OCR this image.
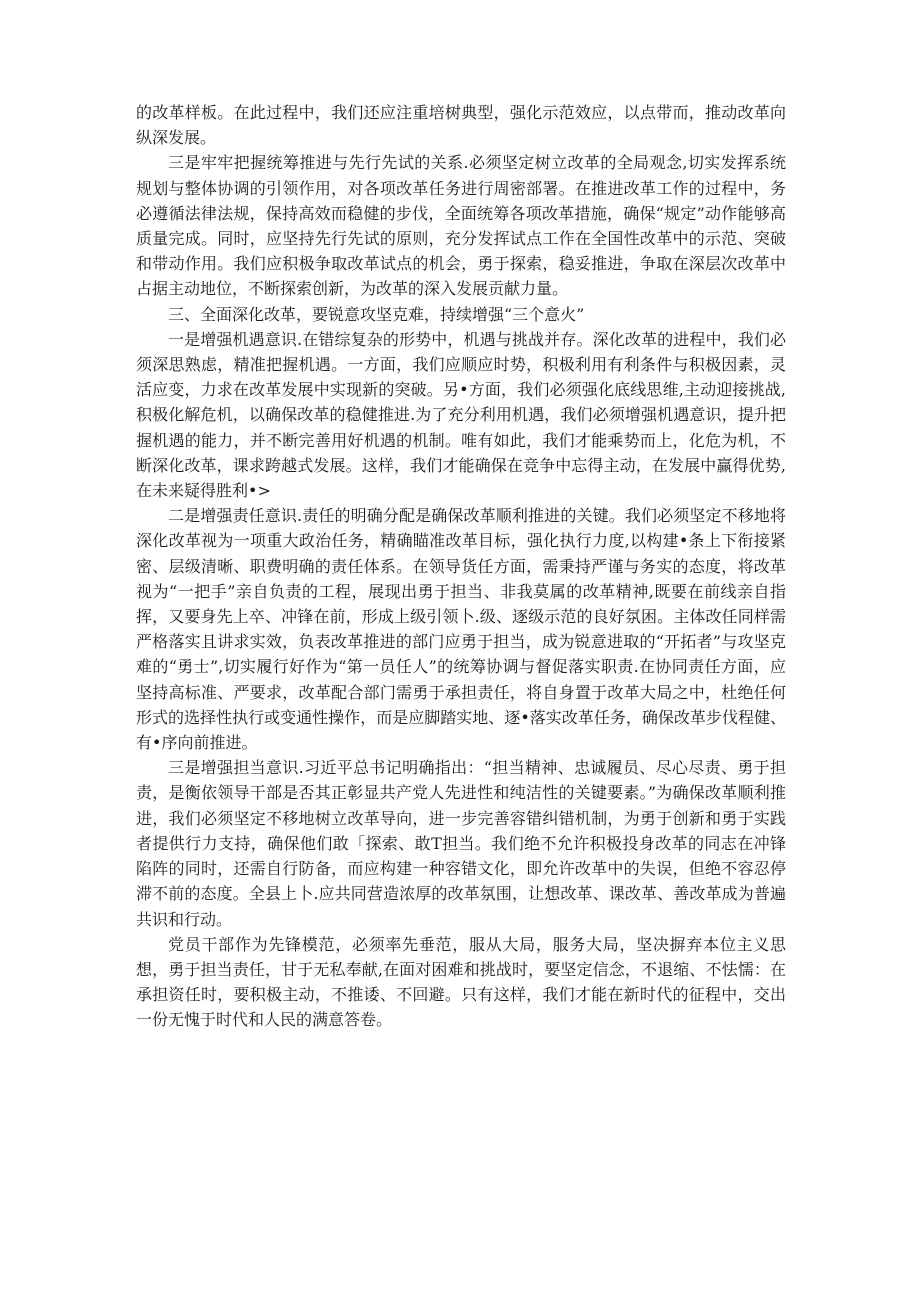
的改革样板。在此过程中，我们还应注重培树典型，强化示范效应，以点带而，推动改革向纵深发展。

三是牢牢把握统筹推进与先行先试的关系.必须坚定树立改革的全局观念,切实发挥系统规划与整体协调的引领作用，对各项改革任务进行周密部署。在推进改革工作的过程中，务必遵循法律法规，保持高效而稳健的步伐，全面统筹各项改革措施，确保“规定”动作能够高质量完成。同时，应坚持先行先试的原则，充分发挥试点工作在全国性改革中的示范、突破和带动作用。我们应积极争取改革试点的机会，勇于探索，稳妥推进，争取在深层次改革中占据主动地位，不断探索创新，为改革的深入发展贡献力量。

三、全面深化改革，要锐意攻坚克难，持续增强“三个意火”

一是增强机遇意识.在错综复杂的形势中，机遇与挑战并存。深化改革的进程中，我们必须深思熟虑，精准把握机遇。一方面，我们应顺应时势，积极利用有利条件与积极因素，灵活应变，力求在改革发展中实现新的突破。另•方面，我们必须强化底线思维,主动迎接挑战,积极化解危机，以确保改革的稳健推进.为了充分利用机遇，我们必须增强机遇意识，提升把握机遇的能力，并不断完善用好机遇的机制。唯有如此，我们才能乘势而上，化危为机，不断深化改革，课求跨越式发展。这样，我们才能确保在竞争中忘得主动，在发展中赢得优势,在未来疑得胜利•>

二是增强责任意识.责任的明确分配是确保改革顺利推进的关键。我们必须坚定不移地将深化改革视为一项重大政治任务，精确瞄准改革目标，强化执行力度,以构建•条上下衔接紧密、层级清晰、职费明确的责任体系。在领导货任方面，需秉持严谨与务实的态度，将改革视为“一把手”亲自负责的工程，展现出勇于担当、非我莫属的改革精神,既要在前线亲自指挥，又要身先上卒、冲锋在前，形成上级引领卜.级、逐级示范的良好氛困。主体改任同样需严格落实且讲求实效，负表改革推进的部门应勇于担当，成为锐意进取的“开拓者”与攻坚克难的“勇士”,切实履行好作为“第一员任人”的统筹协调与督促落实职责.在协同责任方面，应坚持高标准、严要求，改革配合部门需勇于承担责任，将自身置于改革大局之中，杜绝任何形式的选择性执行或变通性操作，而是应脚踏实地、逐•落实改革任务，确保改革步伐程健、有•序向前推进。

三是增强担当意识.习近平总书记明确指出：“担当精神、忠诚履员、尽心尽责、勇于担责，是衡依领导干部是否其正彰显共产党人先进性和纯洁性的关键要素。”为确保改革顺利推进，我们必须坚定不移地树立改革导向，进一步完善容错纠错机制，为勇于创新和勇于实践者提供行力支持，确保他们敢「探索、敢T担当。我们绝不允许积极投身改革的同志在冲锋陷阵的同时，还需自行防备，而应构建一种容错文化，即允许改革中的失误，但绝不容忍停滞不前的态度。全县上卜.应共同营造浓厚的改革氛围，让想改革、课改革、善改革成为普遍共识和行动。

党员干部作为先锋模范，必须率先垂范，服从大局，服务大局，坚决摒弃本位主义思想，勇于担当责任，甘于无私奉献,在面对困难和挑战时，要坚定信念，不退缩、不怯懦：在承担资任时，要积极主动，不推诿、不回避。只有这样，我们才能在新时代的征程中，交出一份无愧于时代和人民的满意答卷。
